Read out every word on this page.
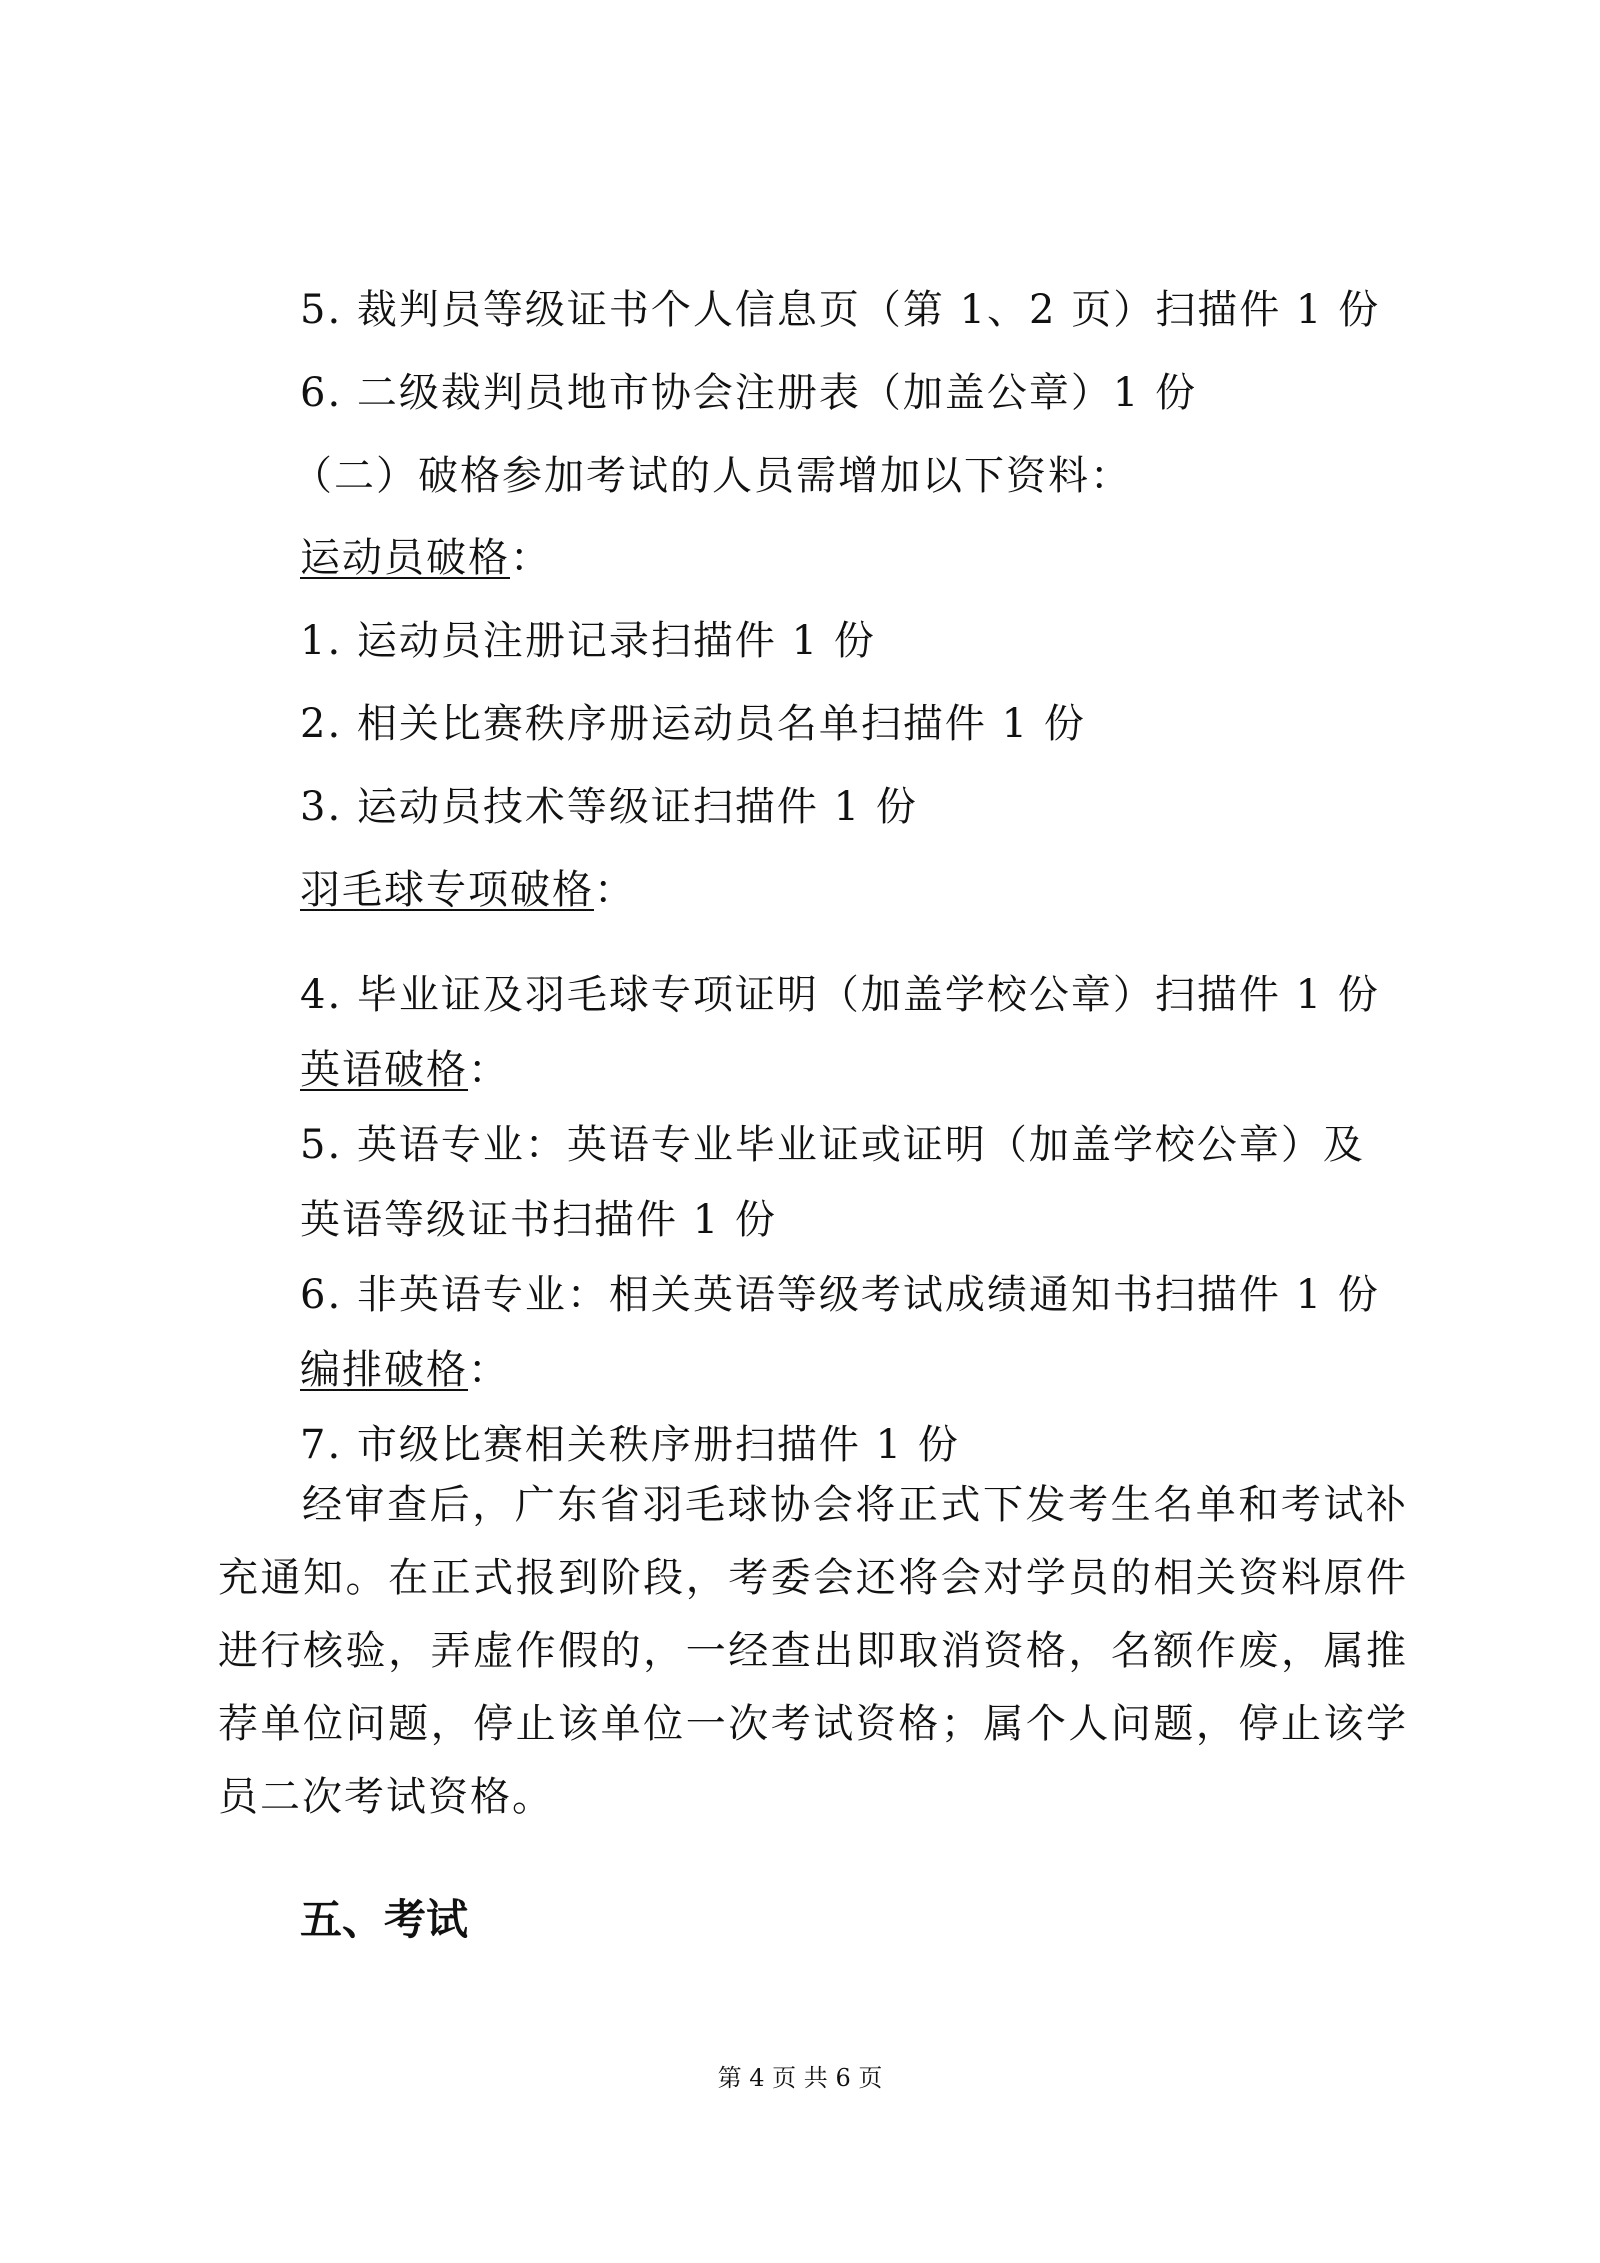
5. 裁判员等级证书个人信息页（第 1、2 页）扫描件 1 份
6. 二级裁判员地市协会注册表（加盖公章）1 份
（二）破格参加考试的人员需增加以下资料：
运动员破格：
1. 运动员注册记录扫描件 1 份
2. 相关比赛秩序册运动员名单扫描件 1 份
3. 运动员技术等级证扫描件 1 份
羽毛球专项破格：
4. 毕业证及羽毛球专项证明（加盖学校公章）扫描件 1 份
英语破格：
5. 英语专业：英语专业毕业证或证明（加盖学校公章）及
英语等级证书扫描件 1 份
6. 非英语专业：相关英语等级考试成绩通知书扫描件 1 份
编排破格：
7. 市级比赛相关秩序册扫描件 1 份

经审查后，广东省羽毛球协会将正式下发考生名单和考试补充通知。在正式报到阶段，考委会还将会对学员的相关资料原件进行核验，弄虚作假的，一经查出即取消资格，名额作废，属推荐单位问题，停止该单位一次考试资格；属个人问题，停止该学员二次考试资格。

五、考试
第 4 页 共 6 页
